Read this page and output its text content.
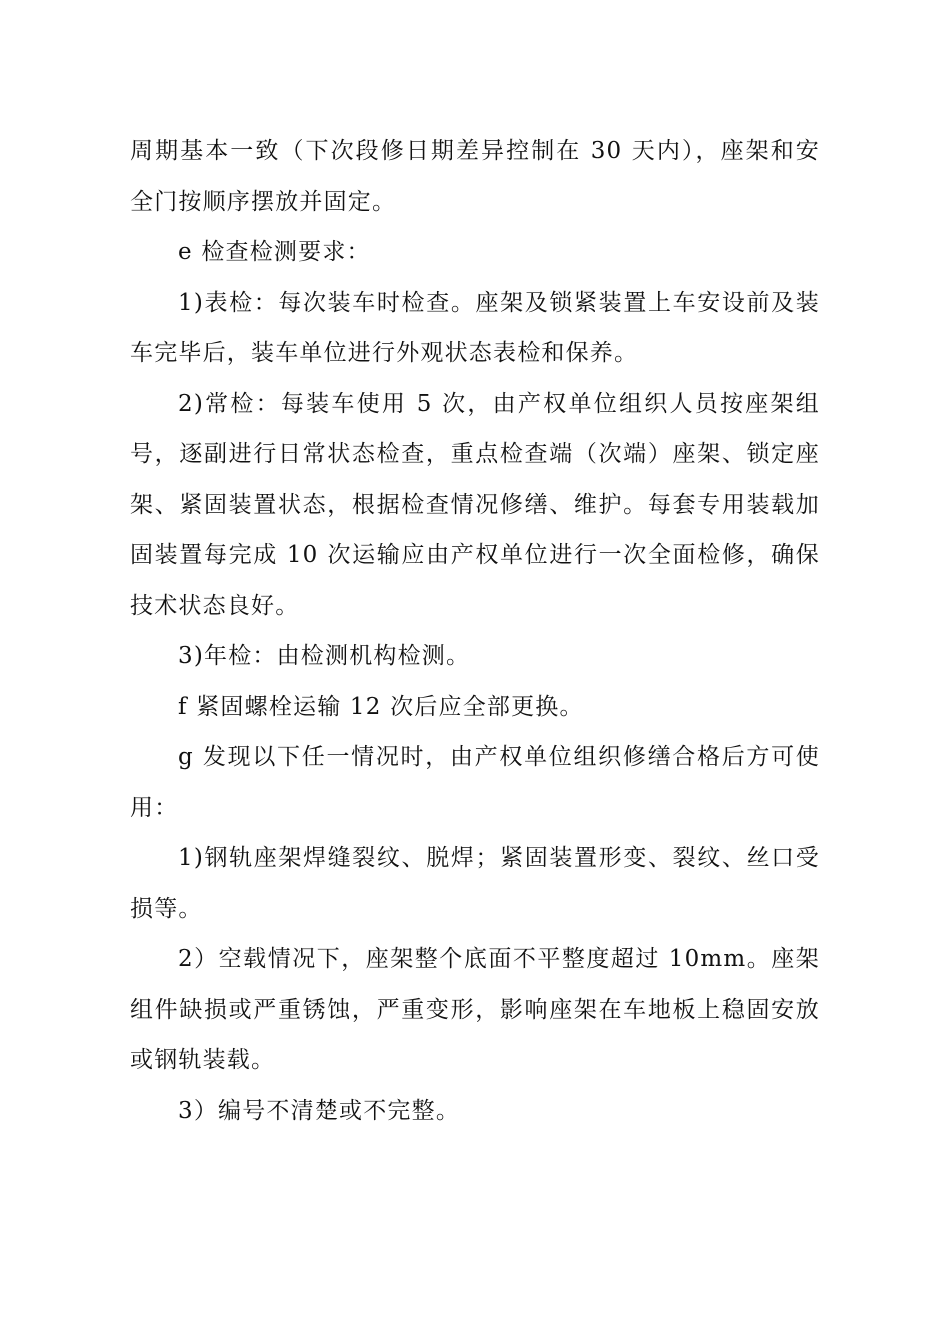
周期基本一致（下次段修日期差异控制在 30 天内），座架和安全门按顺序摆放并固定。

e 检查检测要求：

1)表检：每次装车时检查。座架及锁紧装置上车安设前及装车完毕后，装车单位进行外观状态表检和保养。

2)常检：每装车使用 5 次，由产权单位组织人员按座架组号，逐副进行日常状态检查，重点检查端（次端）座架、锁定座架、紧固装置状态，根据检查情况修缮、维护。每套专用装载加固装置每完成 10 次运输应由产权单位进行一次全面检修，确保技术状态良好。

3)年检：由检测机构检测。

f 紧固螺栓运输 12 次后应全部更换。

g 发现以下任一情况时，由产权单位组织修缮合格后方可使用：

1)钢轨座架焊缝裂纹、脱焊；紧固装置形变、裂纹、丝口受损等。

2）空载情况下，座架整个底面不平整度超过 10mm。座架组件缺损或严重锈蚀，严重变形，影响座架在车地板上稳固安放或钢轨装载。

3）编号不清楚或不完整。
